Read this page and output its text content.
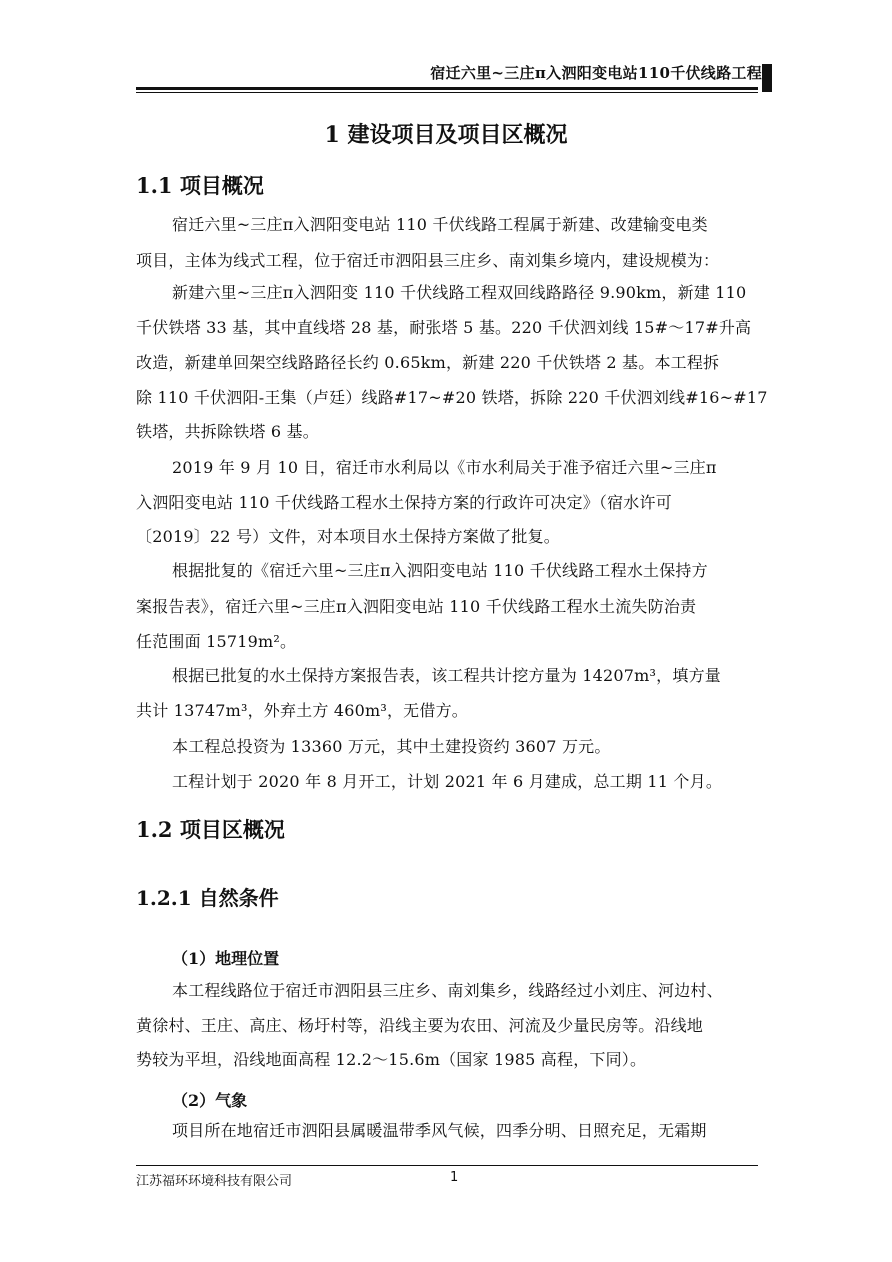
宿迁六里~三庄π入泗阳变电站110千伏线路工程
1 建设项目及项目区概况
1.1 项目概况
宿迁六里~三庄π入泗阳变电站 110 千伏线路工程属于新建、改建输变电类
项目，主体为线式工程，位于宿迁市泗阳县三庄乡、南刘集乡境内，建设规模为：
新建六里~三庄π入泗阳变 110 千伏线路工程双回线路路径 9.90km，新建 110
千伏铁塔 33 基，其中直线塔 28 基，耐张塔 5 基。220 千伏泗刘线 15#～17#升高
改造，新建单回架空线路路径长约 0.65km，新建 220 千伏铁塔 2 基。本工程拆
除 110 千伏泗阳-王集（卢廷）线路#17~#20 铁塔，拆除 220 千伏泗刘线#16~#17
铁塔，共拆除铁塔 6 基。
2019 年 9 月 10 日，宿迁市水利局以《市水利局关于准予宿迁六里~三庄π
入泗阳变电站 110 千伏线路工程水土保持方案的行政许可决定》（宿水许可
〔2019〕22 号）文件，对本项目水土保持方案做了批复。
根据批复的《宿迁六里~三庄π入泗阳变电站 110 千伏线路工程水土保持方
案报告表》，宿迁六里~三庄π入泗阳变电站 110 千伏线路工程水土流失防治责
任范围面 15719m²。
根据已批复的水土保持方案报告表，该工程共计挖方量为 14207m³，填方量
共计 13747m³，外弃土方 460m³，无借方。
本工程总投资为 13360 万元，其中土建投资约 3607 万元。
工程计划于 2020 年 8 月开工，计划 2021 年 6 月建成，总工期 11 个月。
1.2 项目区概况
1.2.1 自然条件
（1）地理位置
本工程线路位于宿迁市泗阳县三庄乡、南刘集乡，线路经过小刘庄、河边村、
黄徐村、王庄、高庄、杨圩村等，沿线主要为农田、河流及少量民房等。沿线地
势较为平坦，沿线地面高程 12.2～15.6m（国家 1985 高程，下同）。
（2）气象
项目所在地宿迁市泗阳县属暖温带季风气候，四季分明、日照充足，无霜期
江苏福环环境科技有限公司	1
